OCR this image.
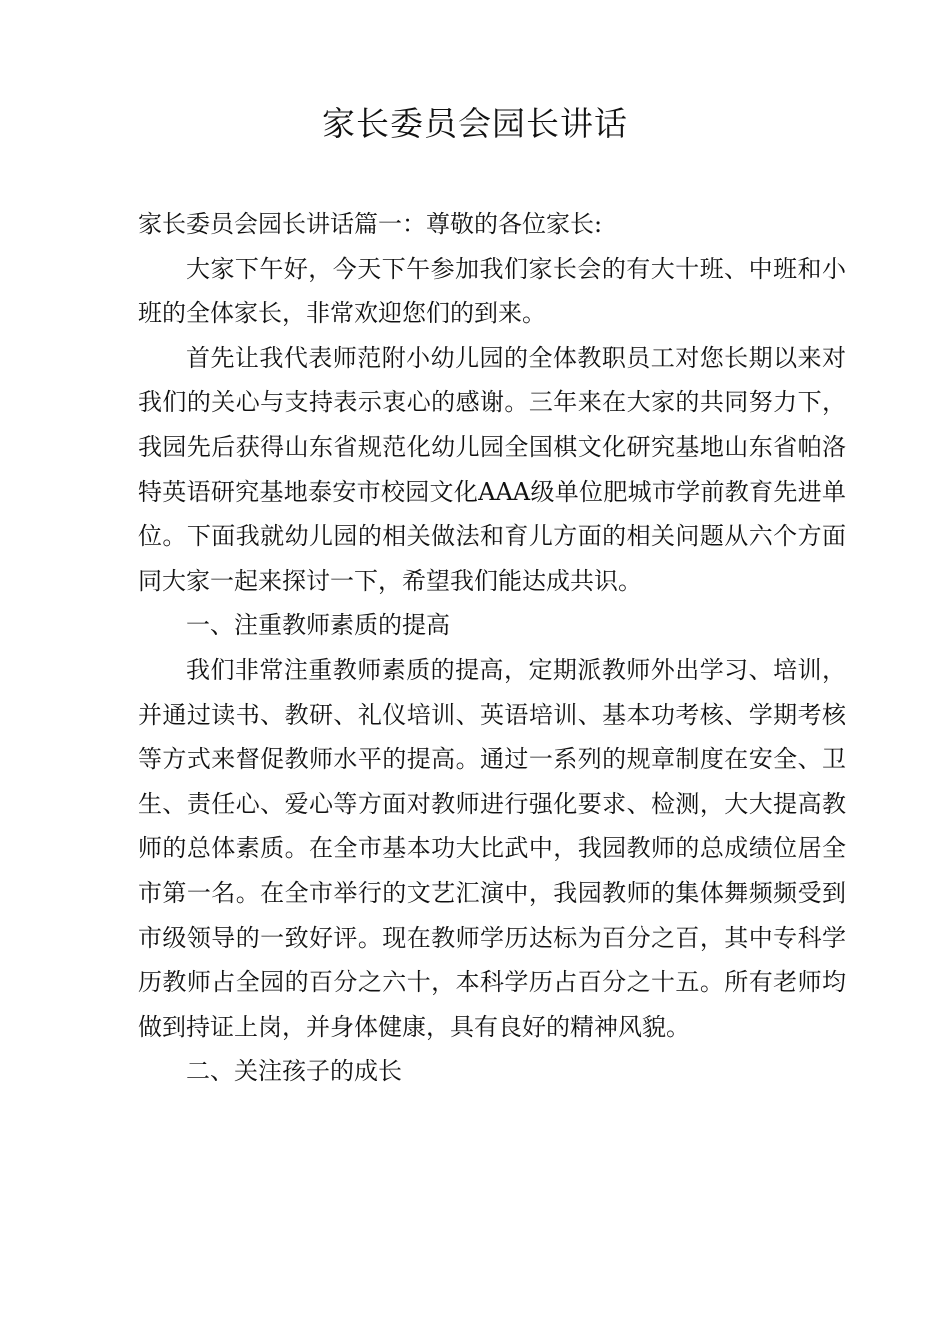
家长委员会园长讲话

家长委员会园长讲话篇一：尊敬的各位家长:

大家下午好，今天下午参加我们家长会的有大十班、中班和小班的全体家长，非常欢迎您们的到来。

首先让我代表师范附小幼儿园的全体教职员工对您长期以来对我们的关心与支持表示衷心的感谢。三年来在大家的共同努力下，我园先后获得山东省规范化幼儿园全国棋文化研究基地山东省帕洛特英语研究基地泰安市校园文化AAA级单位肥城市学前教育先进单位。下面我就幼儿园的相关做法和育儿方面的相关问题从六个方面同大家一起来探讨一下，希望我们能达成共识。

一、注重教师素质的提高

我们非常注重教师素质的提高，定期派教师外出学习、培训，并通过读书、教研、礼仪培训、英语培训、基本功考核、学期考核等方式来督促教师水平的提高。通过一系列的规章制度在安全、卫生、责任心、爱心等方面对教师进行强化要求、检测，大大提高教师的总体素质。在全市基本功大比武中，我园教师的总成绩位居全市第一名。在全市举行的文艺汇演中，我园教师的集体舞频频受到市级领导的一致好评。现在教师学历达标为百分之百，其中专科学历教师占全园的百分之六十，本科学历占百分之十五。所有老师均做到持证上岗，并身体健康，具有良好的精神风貌。

二、关注孩子的成长
